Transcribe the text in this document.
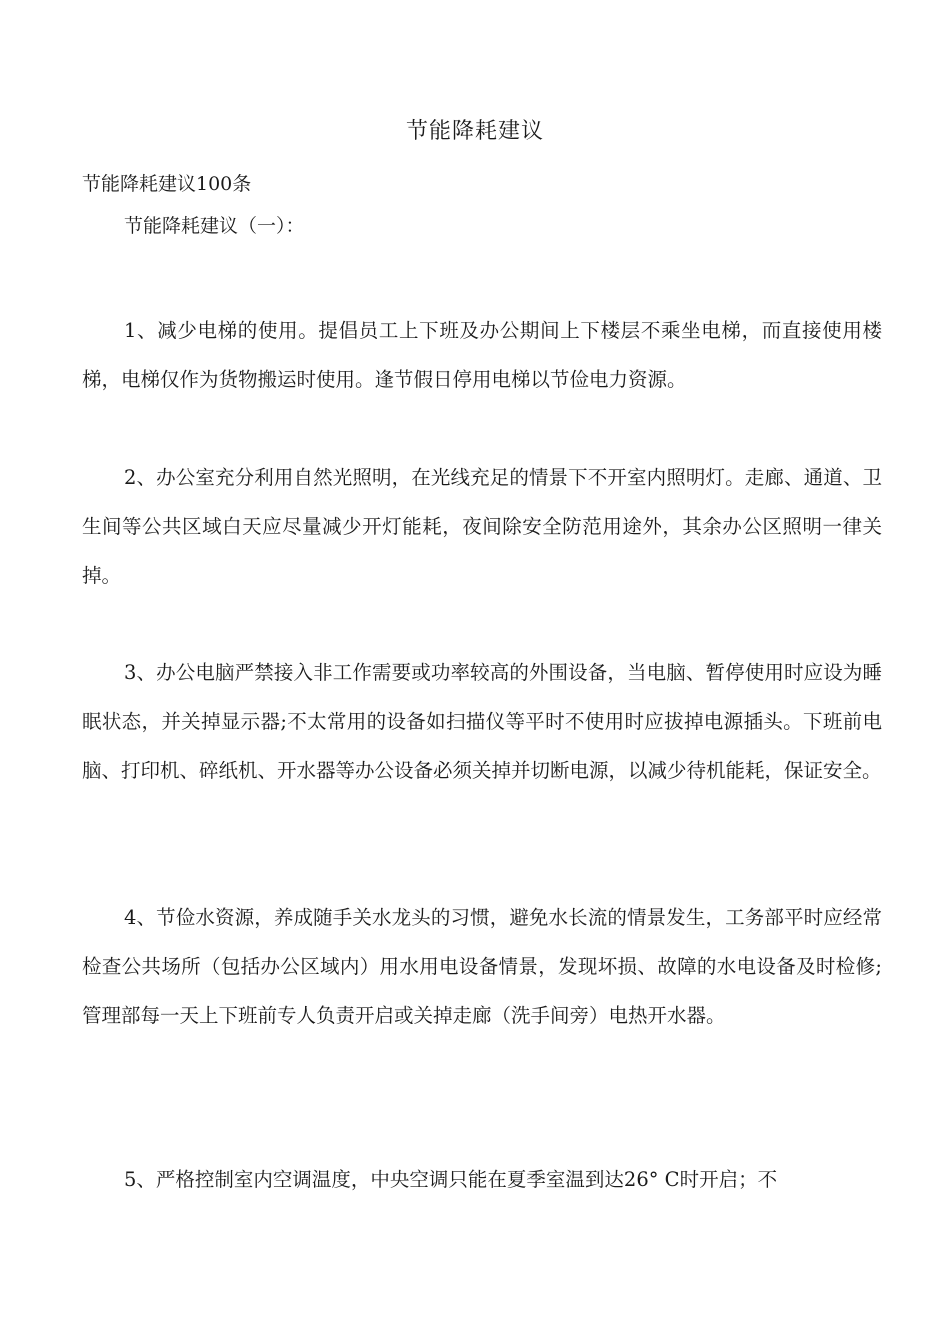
节能降耗建议
节能降耗建议100条
节能降耗建议（一）：

1、减少电梯的使用。提倡员工上下班及办公期间上下楼层不乘坐电梯，而直接使用楼梯，电梯仅作为货物搬运时使用。逢节假日停用电梯以节俭电力资源。

2、办公室充分利用自然光照明，在光线充足的情景下不开室内照明灯。走廊、通道、卫生间等公共区域白天应尽量减少开灯能耗，夜间除安全防范用途外，其余办公区照明一律关掉。

3、办公电脑严禁接入非工作需要或功率较高的外围设备，当电脑、暂停使用时应设为睡眠状态，并关掉显示器;不太常用的设备如扫描仪等平时不使用时应拔掉电源插头。下班前电脑、打印机、碎纸机、开水器等办公设备必须关掉并切断电源，以减少待机能耗，保证安全。

4、节俭水资源，养成随手关水龙头的习惯，避免水长流的情景发生，工务部平时应经常检查公共场所（包括办公区域内）用水用电设备情景，发现坏损、故障的水电设备及时检修;管理部每一天上下班前专人负责开启或关掉走廊（洗手间旁）电热开水器。

5、严格控制室内空调温度，中央空调只能在夏季室温到达26° C时开启；不
